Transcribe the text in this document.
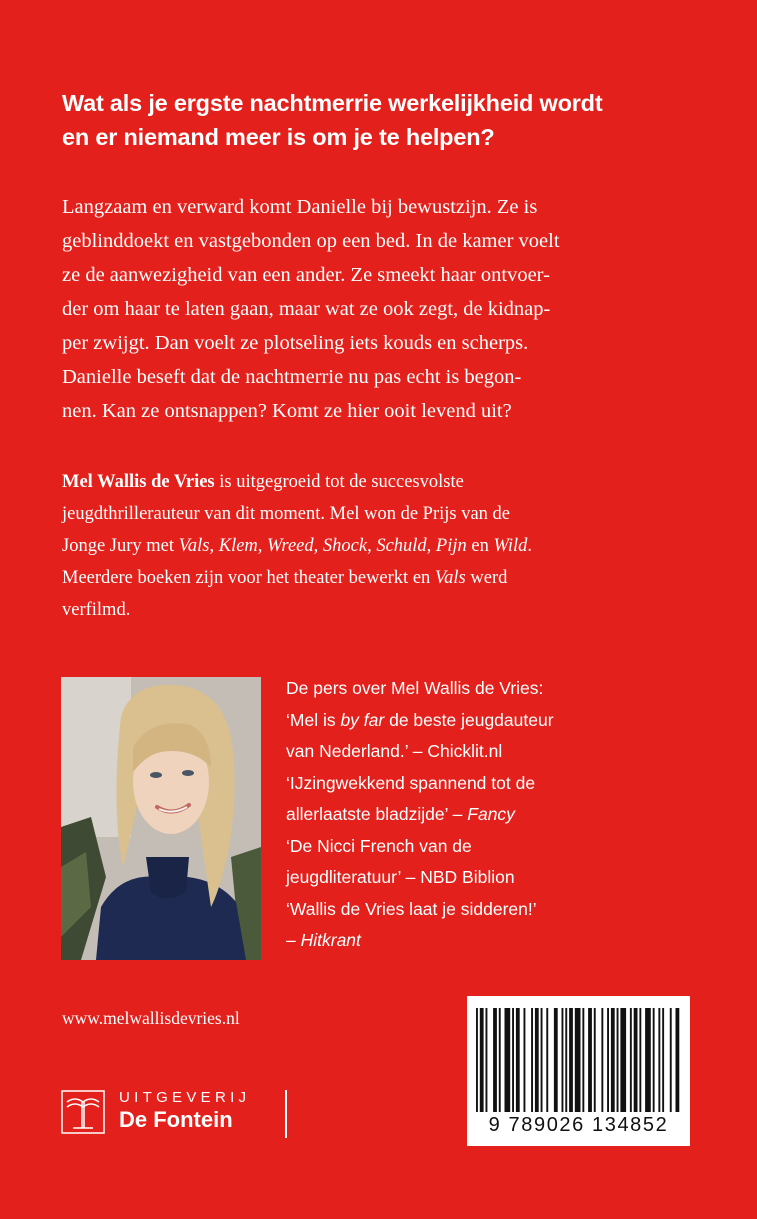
Wat als je ergste nachtmerrie werkelijkheid wordt
en er niemand meer is om je te helpen?
Langzaam en verward komt Danielle bij bewustzijn. Ze is
geblinddoekt en vastgebonden op een bed. In de kamer voelt
ze de aanwezigheid van een ander. Ze smeekt haar ontvoer-
der om haar te laten gaan, maar wat ze ook zegt, de kidnap-
per zwijgt. Dan voelt ze plotseling iets kouds en scherps.
Danielle beseft dat de nachtmerrie nu pas echt is begon-
nen. Kan ze ontsnappen? Komt ze hier ooit levend uit?
Mel Wallis de Vries is uitgegroeid tot de succesvolste
jeugdthrillerauteur van dit moment. Mel won de Prijs van de
Jonge Jury met Vals, Klem, Wreed, Shock, Schuld, Pijn en Wild.
Meerdere boeken zijn voor het theater bewerkt en Vals werd
verfilmd.
De pers over Mel Wallis de Vries:
‘Mel is by far de beste jeugdauteur
van Nederland.’ – Chicklit.nl
‘IJzingwekkend spannend tot de
allerlaatste bladzijde’ – Fancy
‘De Nicci French van de
jeugdliteratuur’ – NBD Biblion
‘Wallis de Vries laat je sidderen!’
– Hitkrant
www.melwallisdevries.nl
UITGEVERIJ
De Fontein	9 789026 134852
